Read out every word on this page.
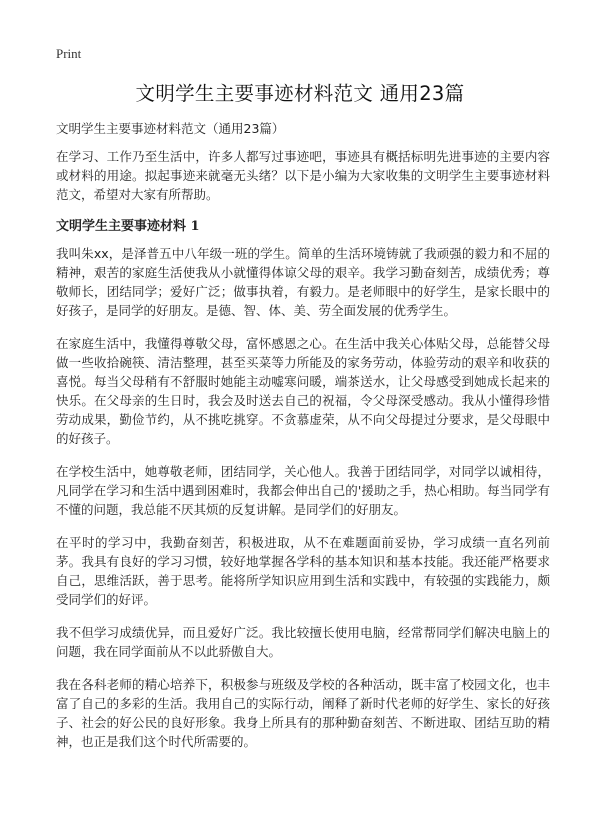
Print
文明学生主要事迹材料范文 通用23篇
文明学生主要事迹材料范文（通用23篇）

在学习、工作乃至生活中，许多人都写过事迹吧，事迹具有概括标明先进事迹的主要内容或材料的用途。拟起事迹来就毫无头绪？以下是小编为大家收集的文明学生主要事迹材料范文，希望对大家有所帮助。

文明学生主要事迹材料 1

我叫朱xx，是泽普五中八年级一班的学生。简单的生活环境铸就了我顽强的毅力和不屈的精神，艰苦的家庭生活使我从小就懂得体谅父母的艰辛。我学习勤奋刻苦，成绩优秀；尊敬师长，团结同学；爱好广泛；做事执着，有毅力。是老师眼中的好学生，是家长眼中的好孩子，是同学的好朋友。是德、智、体、美、劳全面发展的优秀学生。

在家庭生活中，我懂得尊敬父母，富怀感恩之心。在生活中我关心体贴父母，总能替父母做一些收拾碗筷、清洁整理，甚至买菜等力所能及的家务劳动，体验劳动的艰辛和收获的喜悦。每当父母稍有不舒服时她能主动嘘寒问暖，端茶送水，让父母感受到她成长起来的快乐。在父母亲的生日时，我会及时送去自己的祝福，令父母深受感动。我从小懂得珍惜劳动成果，勤俭节约，从不挑吃挑穿。不贪慕虚荣，从不向父母提过分要求，是父母眼中的好孩子。

在学校生活中，她尊敬老师，团结同学，关心他人。我善于团结同学，对同学以诚相待，凡同学在学习和生活中遇到困难时，我都会伸出自己的'援助之手，热心相助。每当同学有不懂的问题，我总能不厌其烦的反复讲解。是同学们的好朋友。

在平时的学习中，我勤奋刻苦，积极进取，从不在难题面前妥协，学习成绩一直名列前茅。我具有良好的学习习惯，较好地掌握各学科的基本知识和基本技能。我还能严格要求自己，思维活跃，善于思考。能将所学知识应用到生活和实践中，有较强的实践能力，颇受同学们的好评。

我不但学习成绩优异，而且爱好广泛。我比较擅长使用电脑，经常帮同学们解决电脑上的问题，我在同学面前从不以此骄傲自大。

我在各科老师的精心培养下，积极参与班级及学校的各种活动，既丰富了校园文化，也丰富了自己的多彩的生活。我用自己的实际行动，阐释了新时代老师的好学生、家长的好孩子、社会的好公民的良好形象。我身上所具有的那种勤奋刻苦、不断进取、团结互助的精神，也正是我们这个时代所需要的。
